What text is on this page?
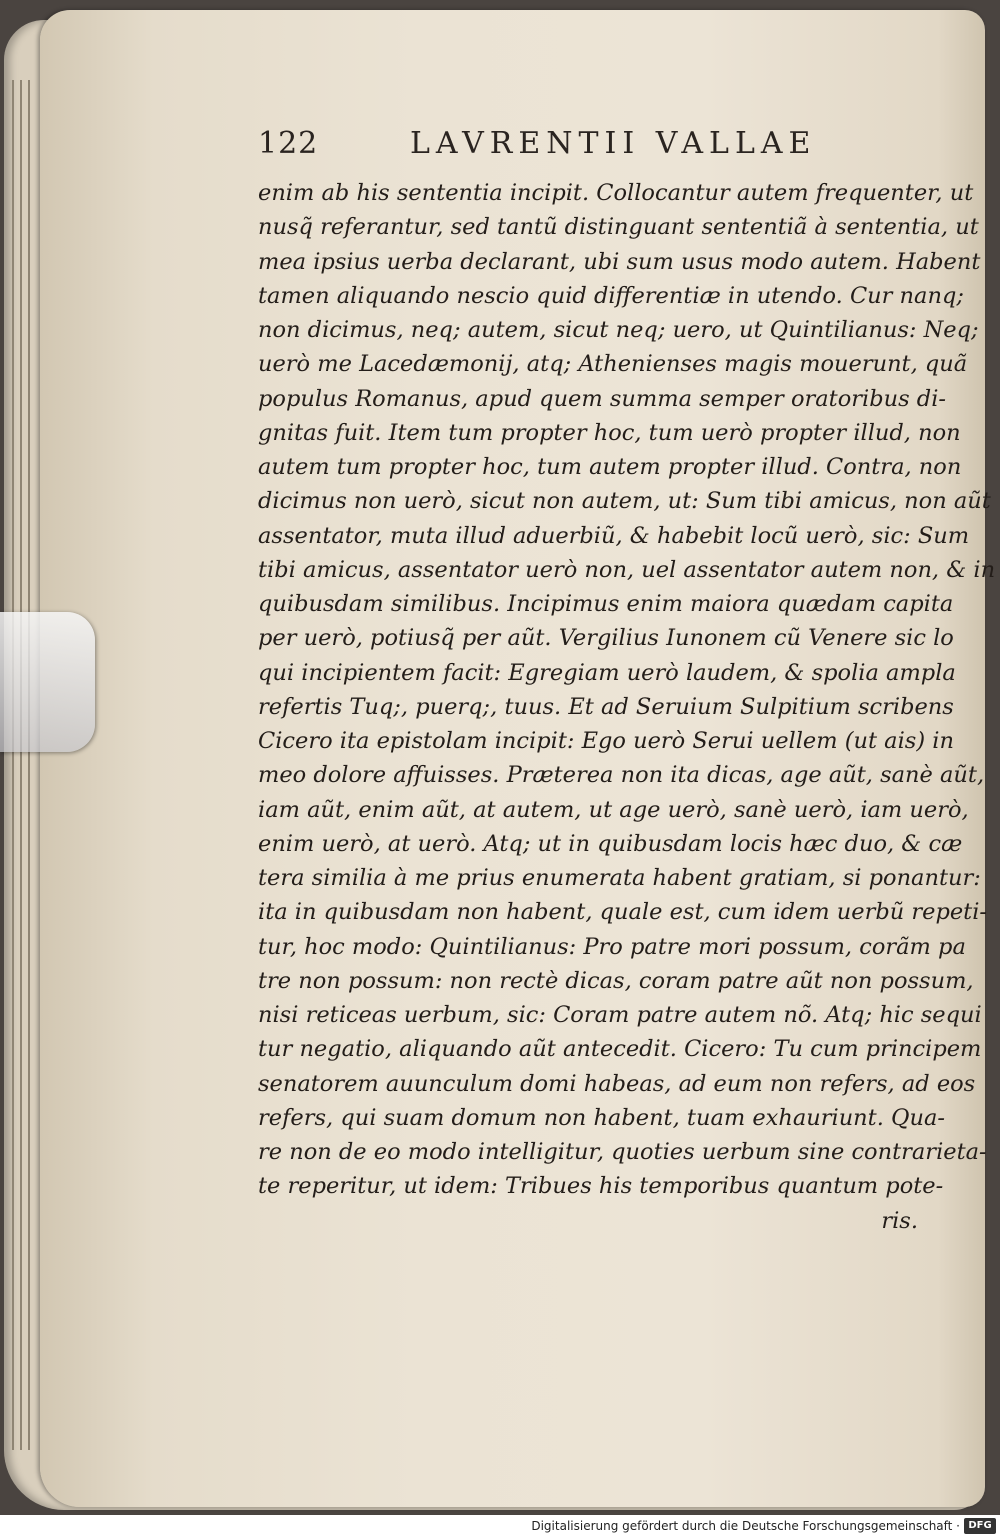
122	LAVRENTII VALLAE
enim ab his sententia incipit. Collocantur autem frequenter, ut
nusq̃ referantur, sed tantũ distinguant sententiã à sententia, ut
mea ipsius uerba declarant, ubi sum usus modo autem. Habent
tamen aliquando nescio quid differentiæ in utendo. Cur nanq;
non dicimus, neq; autem, sicut neq; uero, ut Quintilianus: Neq;
uerò me Lacedæmonij, atq; Athenienses magis mouerunt, quã
populus Romanus, apud quem summa semper oratoribus di-
gnitas fuit. Item tum propter hoc, tum uerò propter illud, non
autem tum propter hoc, tum autem propter illud. Contra, non
dicimus non uerò, sicut non autem, ut: Sum tibi amicus, non aũt
assentator, muta illud aduerbiũ, & habebit locũ uerò, sic: Sum
tibi amicus, assentator uerò non, uel assentator autem non, & in
quibusdam similibus. Incipimus enim maiora quædam capita
per uerò, potiusq̃ per aũt. Vergilius Iunonem cũ Venere sic lo
qui incipientem facit: Egregiam uerò laudem, & spolia ampla
refertis Tuq;, puerq;, tuus. Et ad Seruium Sulpitium scribens
Cicero ita epistolam incipit: Ego uerò Serui uellem (ut ais) in
meo dolore affuisses. Præterea non ita dicas, age aũt, sanè aũt,
iam aũt, enim aũt, at autem, ut age uerò, sanè uerò, iam uerò,
enim uerò, at uerò. Atq; ut in quibusdam locis hæc duo, & cæ
tera similia à me prius enumerata habent gratiam, si ponantur:
ita in quibusdam non habent, quale est, cum idem uerbũ repeti-
tur, hoc modo: Quintilianus: Pro patre mori possum, corãm pa
tre non possum: non rectè dicas, coram patre aũt non possum,
nisi reticeas uerbum, sic: Coram patre autem nõ. Atq; hic sequi
tur negatio, aliquando aũt antecedit. Cicero: Tu cum principem
senatorem auunculum domi habeas, ad eum non refers, ad eos
refers, qui suam domum non habent, tuam exhauriunt. Qua-
re non de eo modo intelligitur, quoties uerbum sine contrarieta-
te reperitur, ut idem: Tribues his temporibus quantum pote-
ris.
Digitalisierung gefördert durch die Deutsche Forschungsgemeinschaft · DFG
